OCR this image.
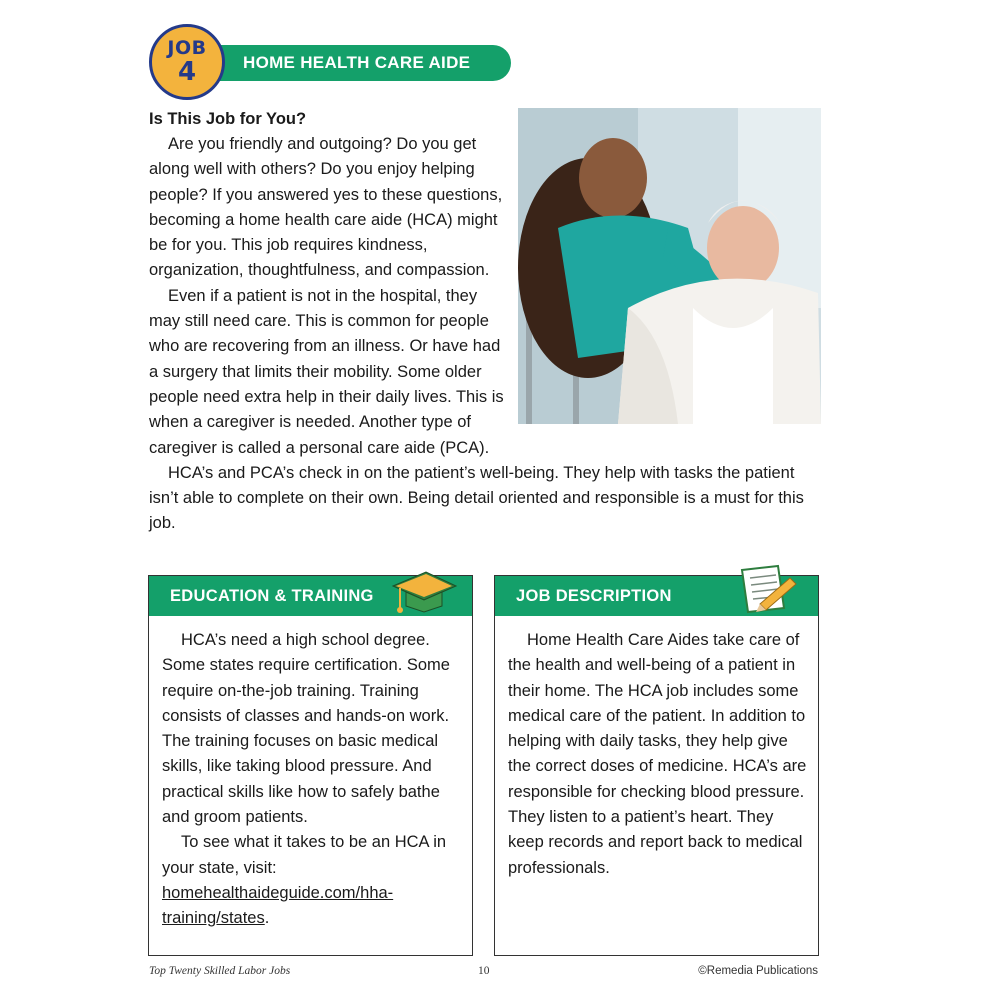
JOB
4	HOME HEALTH CARE AIDE
Is This Job for You?

Are you friendly and outgoing? Do you get along well with others? Do you enjoy helping people? If you answered yes to these questions, becoming a home health care aide (HCA) might be for you. This job requires kindness, organization, thoughtfulness, and compassion.

Even if a patient is not in the hospital, they may still need care. This is common for people who are recovering from an illness. Or have had a surgery that limits their mobility. Some older people need extra help in their daily lives. This is when a caregiver is needed. Another type of caregiver is called a personal care aide (PCA).

HCA’s and PCA’s check in on the patient’s well-being. They help with tasks the patient isn’t able to complete on their own. Being detail oriented and responsible is a must for this job.

EDUCATION & TRAINING

HCA’s need a high school degree. Some states require certification. Some require on-the-job training. Training consists of classes and hands-on work. The training focuses on basic medical skills, like taking blood pressure. And practical skills like how to safely bathe and groom patients.

To see what it takes to be an HCA in your state, visit: homehealthaideguide.com/hha-training/states.

JOB DESCRIPTION

Home Health Care Aides take care of the health and well-being of a patient in their home. The HCA job includes some medical care of the patient. In addition to helping with daily tasks, they help give the correct doses of medicine. HCA’s are responsible for checking blood pressure. They listen to a patient’s heart. They keep records and report back to medical professionals.

Top Twenty Skilled Labor Jobs	10	©Remedia Publications
